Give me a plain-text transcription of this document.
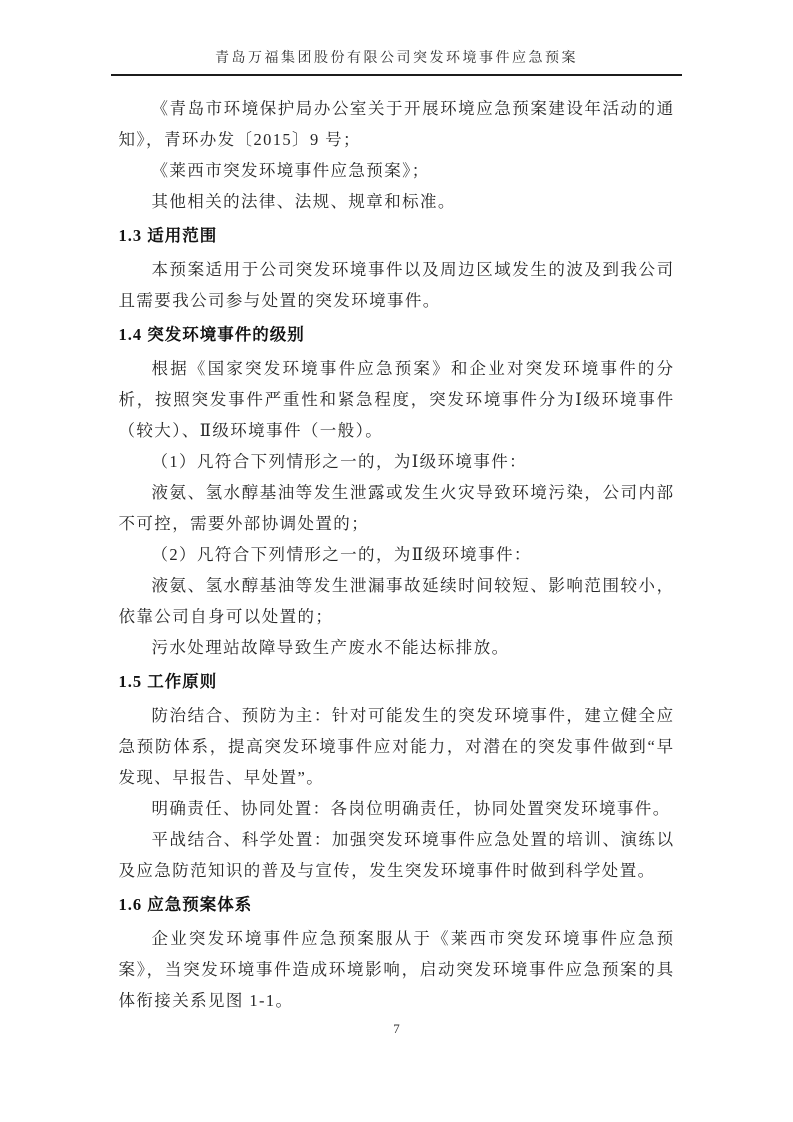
青岛万福集团股份有限公司突发环境事件应急预案

《青岛市环境保护局办公室关于开展环境应急预案建设年活动的通知》，青环办发〔2015〕9 号；

《莱西市突发环境事件应急预案》；

其他相关的法律、法规、规章和标准。

1.3 适用范围

本预案适用于公司突发环境事件以及周边区域发生的波及到我公司且需要我公司参与处置的突发环境事件。

1.4 突发环境事件的级别

根据《国家突发环境事件应急预案》和企业对突发环境事件的分析，按照突发事件严重性和紧急程度，突发环境事件分为Ⅰ级环境事件（较大）、Ⅱ级环境事件（一般）。

（1）凡符合下列情形之一的，为Ⅰ级环境事件：

液氨、氢水醇基油等发生泄露或发生火灾导致环境污染，公司内部不可控，需要外部协调处置的；

（2）凡符合下列情形之一的，为Ⅱ级环境事件：

液氨、氢水醇基油等发生泄漏事故延续时间较短、影响范围较小，依靠公司自身可以处置的；

污水处理站故障导致生产废水不能达标排放。

1.5 工作原则

防治结合、预防为主：针对可能发生的突发环境事件，建立健全应急预防体系，提高突发环境事件应对能力，对潜在的突发事件做到“早发现、早报告、早处置”。

明确责任、协同处置：各岗位明确责任，协同处置突发环境事件。

平战结合、科学处置：加强突发环境事件应急处置的培训、演练以及应急防范知识的普及与宣传，发生突发环境事件时做到科学处置。

1.6 应急预案体系

企业突发环境事件应急预案服从于《莱西市突发环境事件应急预案》，当突发环境事件造成环境影响，启动突发环境事件应急预案的具体衔接关系见图 1-1。

7
